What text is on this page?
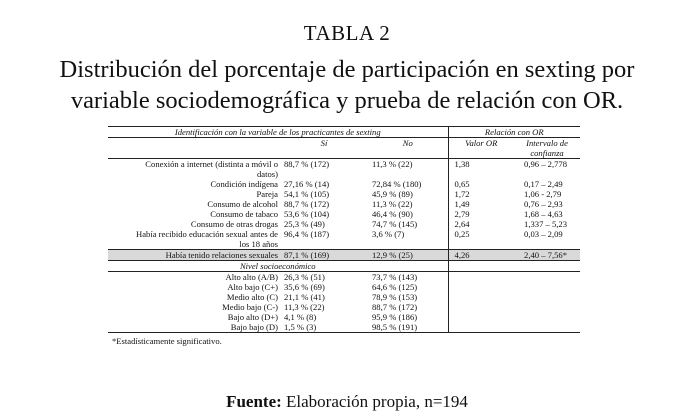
TABLA 2
Distribución del porcentaje de participación en sexting por
variable sociodemográfica y prueba de relación con OR.
Identificación con la variable de los practicantes de sexting			Relación con OR	
	Sí	No	Valor OR	Intervalo de
confianza

Conexión a internet (distinta a móvil o
datos)	88,7 % (172)	11,3 % (22)	1,38	0,96 – 2,778

Condición indígena	27,16 % (14)	72,84 % (180)	0,65	0,17 – 2,49

Pareja	54,1 % (105)	45,9 % (89)	1,72	1,06 - 2,79

Consumo de alcohol	88,7 % (172)	11,3 % (22)	1,49	0,76 – 2,93

Consumo de tabaco	53,6 % (104)	46,4 % (90)	2,79	1,68 – 4,63

Consumo de otras drogas	25,3 % (49)	74,7 % (145)	2,64	1,337 – 5,23

Había recibido educación sexual antes de
los 18 años	96,4 % (187)	3,6 % (7)	0,25	0,03 – 2,09

Había tenido relaciones sexuales	87,1 % (169)	12,9 % (25)	4,26	2,40 – 7,56*
Nivel socioeconómico				

Alto alto (A/B)	26,3 % (51)	73,7 % (143)		

Alto bajo (C+)	35,6 % (69)	64,6 % (125)		

Medio alto (C)	21,1 % (41)	78,9 % (153)		

Medio bajo (C-)	11,3 % (22)	88,7 % (172)		

Bajo alto (D+)	4,1 % (8)	95,9 % (186)		

Bajo bajo (D)	1,5 % (3)	98,5 % (191)		
*Estadísticamente significativo.
Fuente: Elaboración propia, n=194
